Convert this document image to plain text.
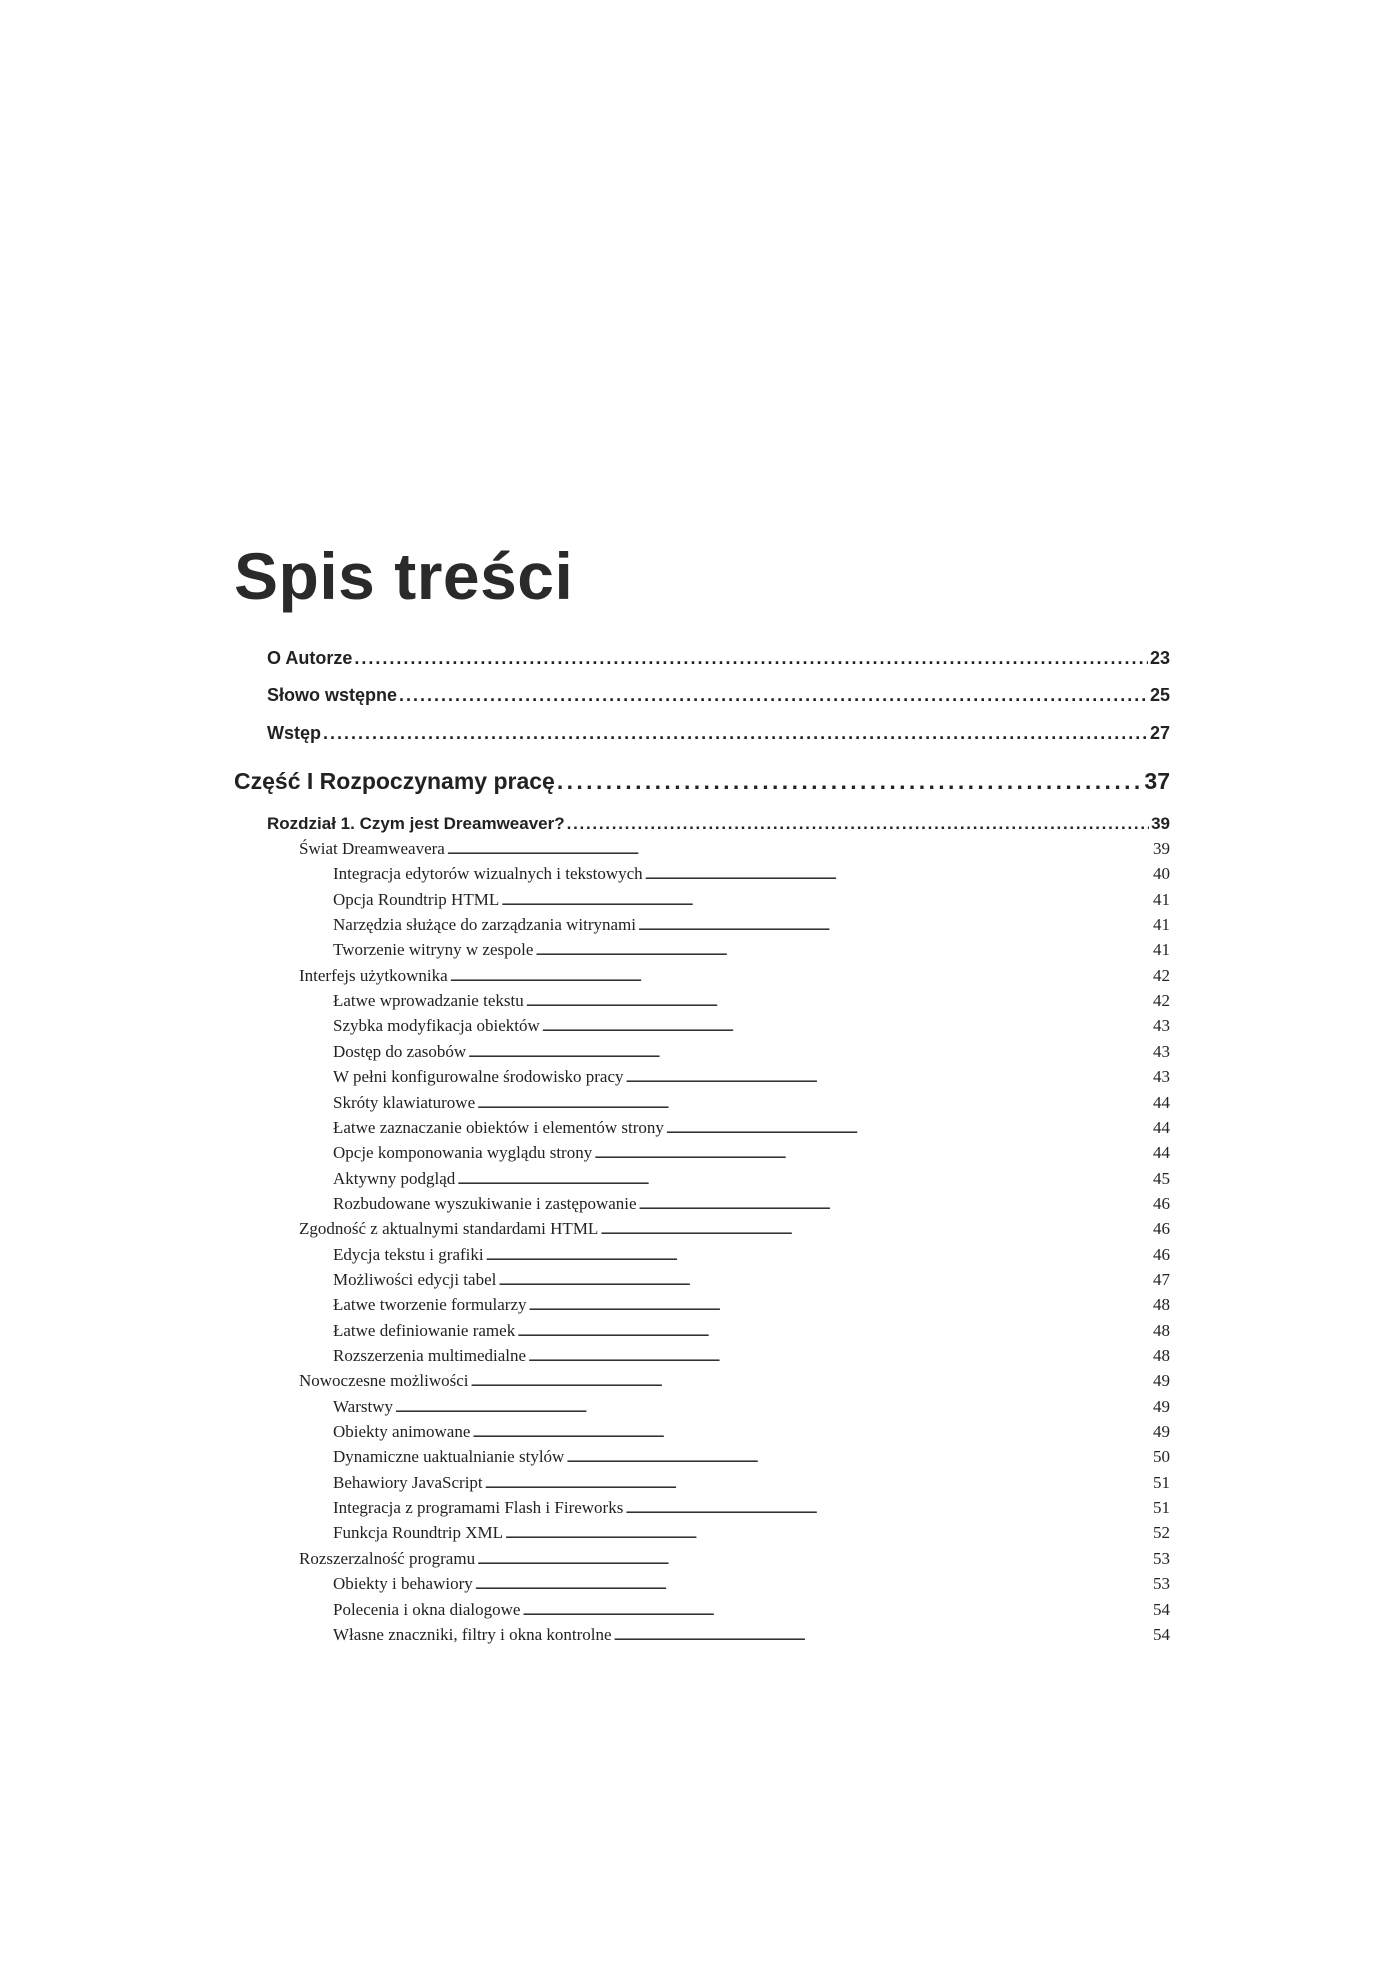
Spis treści
O Autorze . . .	23
Słowo wstępne . . .	25
Wstęp . . .	27
Część I Rozpoczynamy pracę . . .	37
Rozdział 1. Czym jest Dreamweaver? . . .	39
Świat Dreamweavera . . .	39
Integracja edytorów wizualnych i tekstowych . . .	40
Opcja Roundtrip HTML . . .	41
Narzędzia służące do zarządzania witrynami . . .	41
Tworzenie witryny w zespole . . .	41
Interfejs użytkownika . . .	42
Łatwe wprowadzanie tekstu . . .	42
Szybka modyfikacja obiektów . . .	43
Dostęp do zasobów . . .	43
W pełni konfigurowalne środowisko pracy . . .	43
Skróty klawiaturowe . . .	44
Łatwe zaznaczanie obiektów i elementów strony . . .	44
Opcje komponowania wyglądu strony . . .	44
Aktywny podgląd . . .	45
Rozbudowane wyszukiwanie i zastępowanie . . .	46
Zgodność z aktualnymi standardami HTML . . .	46
Edycja tekstu i grafiki . . .	46
Możliwości edycji tabel . . .	47
Łatwe tworzenie formularzy . . .	48
Łatwe definiowanie ramek . . .	48
Rozszerzenia multimedialne . . .	48
Nowoczesne możliwości . . .	49
Warstwy . . .	49
Obiekty animowane . . .	49
Dynamiczne uaktualnianie stylów . . .	50
Behawiory JavaScript . . .	51
Integracja z programami Flash i Fireworks . . .	51
Funkcja Roundtrip XML . . .	52
Rozszerzalność programu . . .	53
Obiekty i behawiory . . .	53
Polecenia i okna dialogowe . . .	54
Własne znaczniki, filtry i okna kontrolne . . .	54
